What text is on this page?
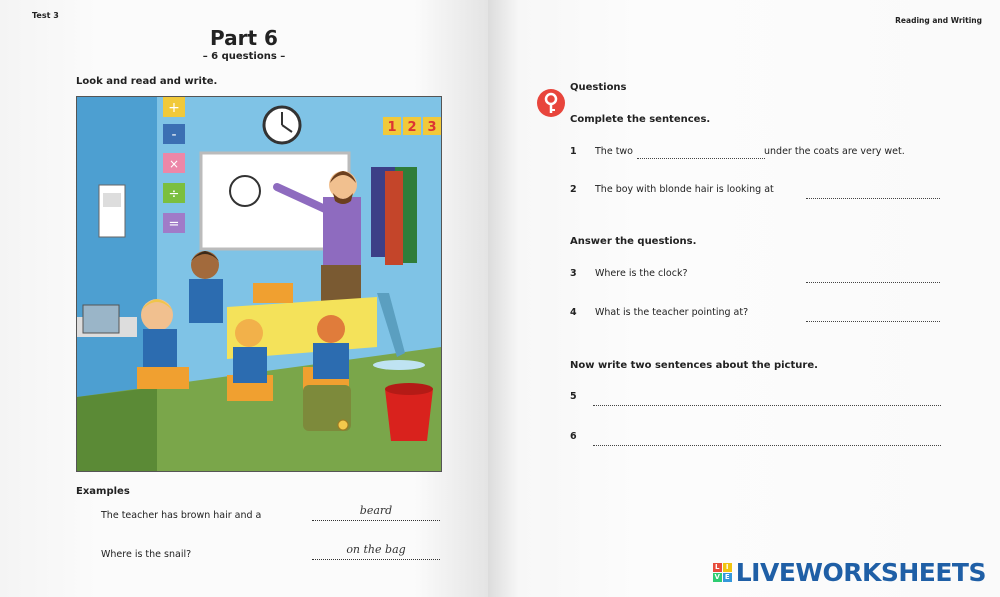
Test 3
Part 6
– 6 questions –
Look and read and write.
+
-
×
÷
=
1 2 3
Examples
The teacher has brown hair and a	beard
Where is the snail?	on the bag
Reading and Writing
Questions
Complete the sentences.
1 The two	under the coats are very wet.
2 The boy with blonde hair is looking at
Answer the questions.
3 Where is the clock?
4 What is the teacher pointing at?
Now write two sentences about the picture.
5
6
L I
V E LIVEWORKSHEETS
